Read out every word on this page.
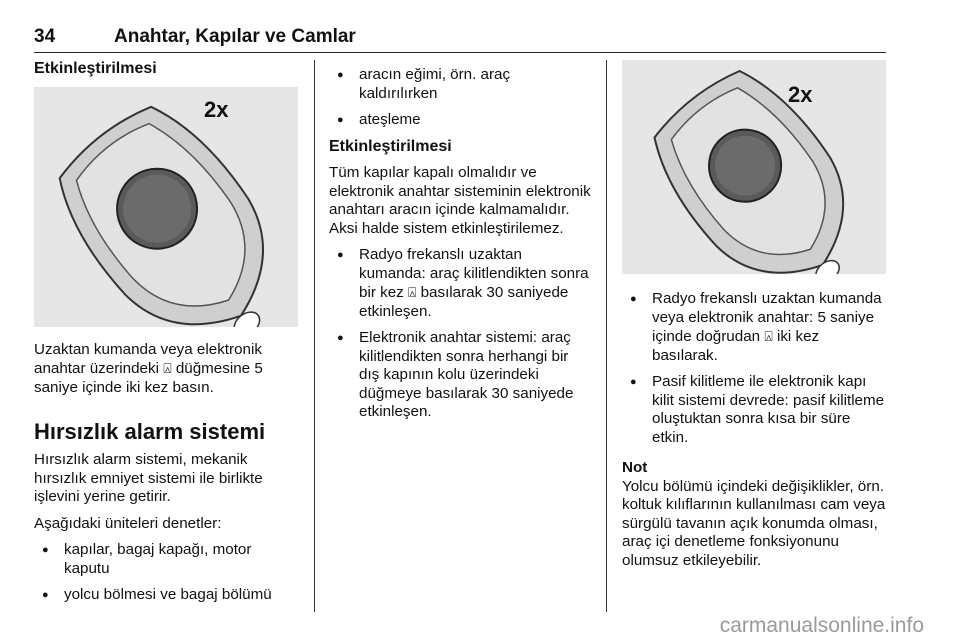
34	Anahtar, Kapılar ve Camlar
Etkinleştirilmesi
2x

Uzaktan kumanda veya elektronik anahtar üzerindeki ⍓ düğmesine 5 saniye içinde iki kez basın.

Hırsızlık alarm sistemi

Hırsızlık alarm sistemi, mekanik hırsızlık emniyet sistemi ile birlikte işlevini yerine getirir.

Aşağıdaki üniteleri denetler:

● kapılar, bagaj kapağı, motor kaputu
● yolcu bölmesi ve bagaj bölümü
● aracın eğimi, örn. araç kaldırılırken
● ateşleme
Etkinleştirilmesi

Tüm kapılar kapalı olmalıdır ve elektronik anahtar sisteminin elektronik anahtarı aracın içinde kalmamalıdır. Aksi halde sistem etkinleştirilemez.

● Radyo frekanslı uzaktan kumanda: araç kilitlendikten sonra bir kez ⍓ basılarak 30 saniyede etkinleşen.
● Elektronik anahtar sistemi: araç kilitlendikten sonra herhangi bir dış kapının kolu üzerindeki düğmeye basılarak 30 saniyede etkinleşen.
2x
● Radyo frekanslı uzaktan kumanda veya elektronik anahtar: 5 saniye içinde doğrudan ⍓ iki kez basılarak.
● Pasif kilitleme ile elektronik kapı kilit sistemi devrede: pasif kilitleme oluştuktan sonra kısa bir süre etkin.
Not
Yolcu bölümü içindeki değişiklikler, örn. koltuk kılıflarının kullanılması cam veya sürgülü tavanın açık konumda olması, araç içi denetleme fonksiyonunu olumsuz etkileyebilir.
carmanualsonline.info
